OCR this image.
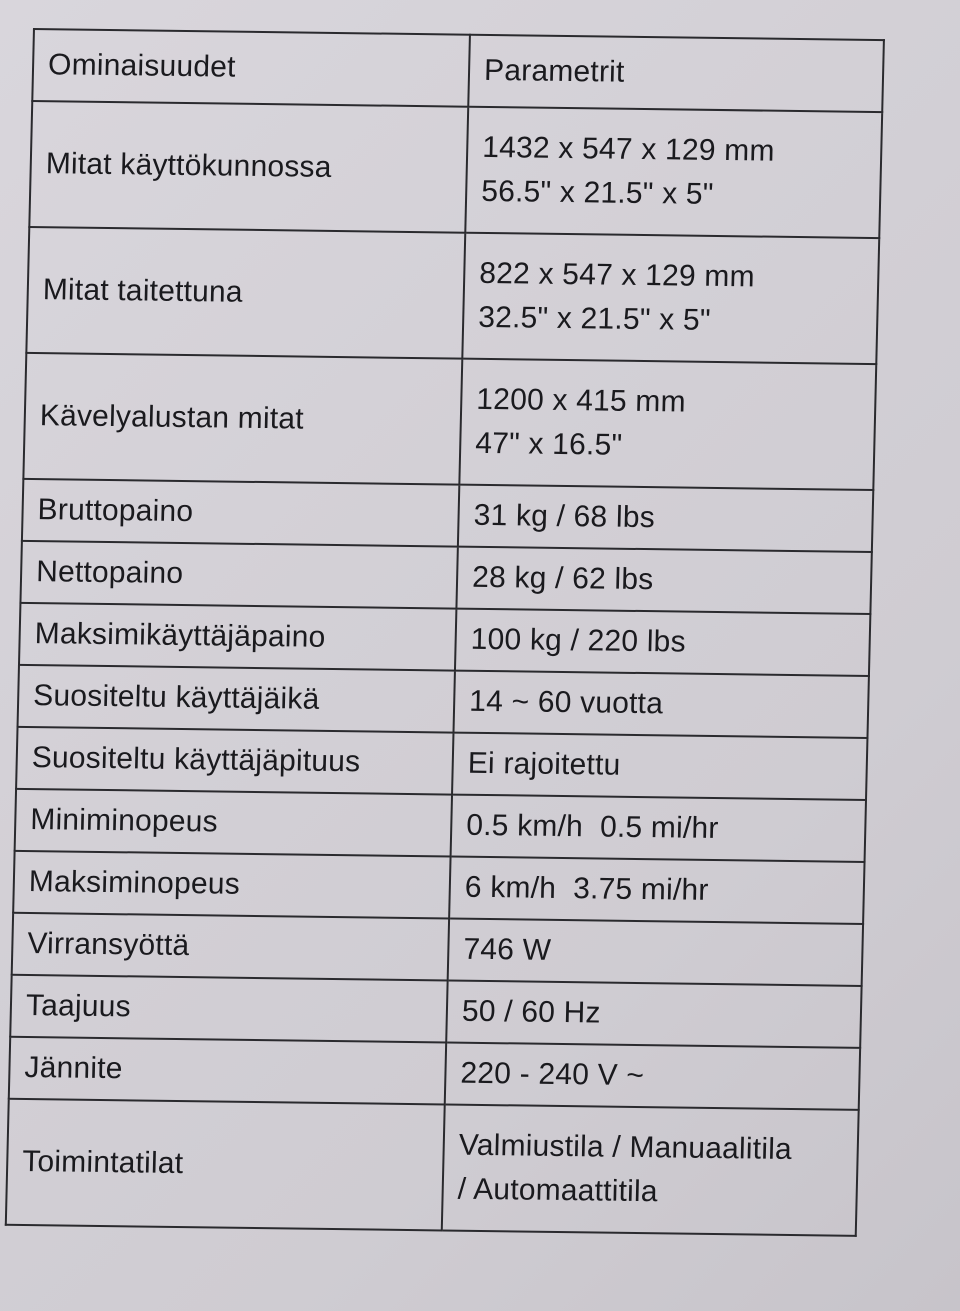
Ominaisuudet	Parametrit
Mitat käyttökunnossa	1432 x 547 x 129 mm
56.5" x 21.5" x 5"

Mitat taitettuna	822 x 547 x 129 mm
32.5" x 21.5" x 5"

Kävelyalustan mitat	1200 x 415 mm
47" x 16.5"

Bruttopaino	31 kg / 68 lbs
Nettopaino	28 kg / 62 lbs
Maksimikäyttäjäpaino	100 kg / 220 lbs
Suositeltu käyttäjäikä	14 ~ 60 vuotta
Suositeltu käyttäjäpituus	Ei rajoitettu
Miniminopeus	0.5 km/h  0.5 mi/hr
Maksiminopeus	6 km/h  3.75 mi/hr
Virransyöttä	746 W
Taajuus	50 / 60 Hz
Jännite	220 - 240 V ~
Toimintatilat	Valmiustila / Manuaalitila
/ Automaattitila
